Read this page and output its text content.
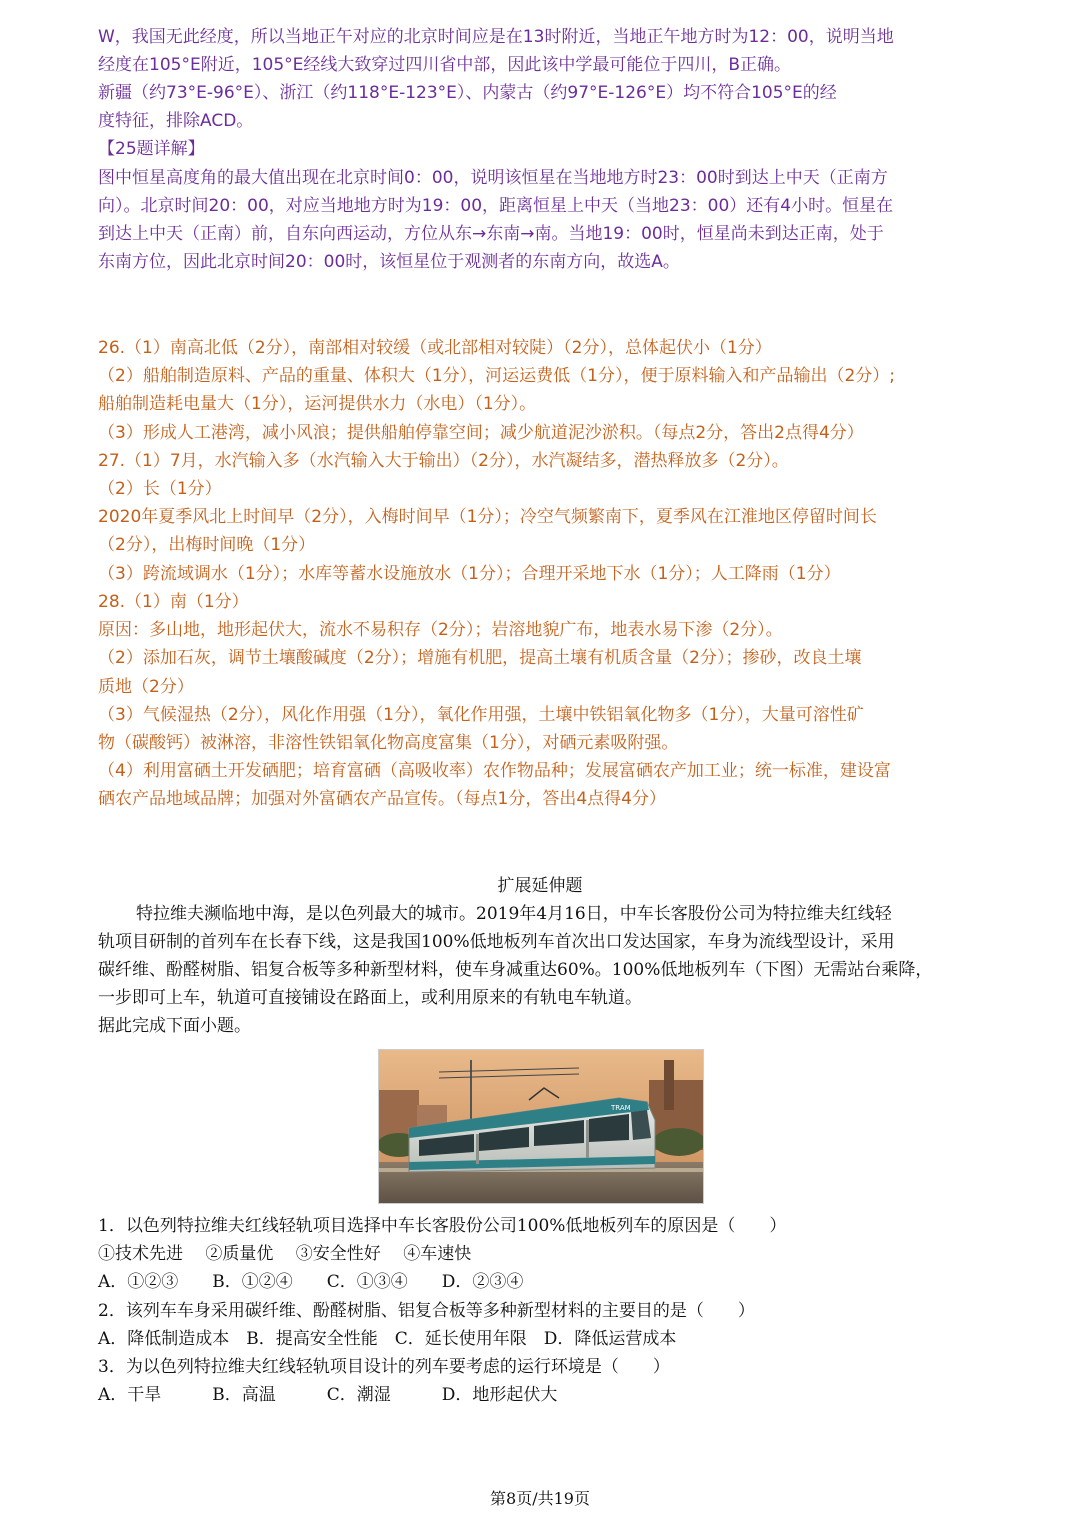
W，我国无此经度，所以当地正午对应的北京时间应是在13时附近，当地正午地方时为12：00，说明当地
经度在105°E附近，105°E经线大致穿过四川省中部，因此该中学最可能位于四川，B正确。
新疆（约73°E-96°E）、浙江（约118°E-123°E）、内蒙古（约97°E-126°E）均不符合105°E的经
度特征，排除ACD。
【25题详解】
图中恒星高度角的最大值出现在北京时间0：00，说明该恒星在当地地方时23：00时到达上中天（正南方
向）。北京时间20：00，对应当地地方时为19：00，距离恒星上中天（当地23：00）还有4小时。恒星在
到达上中天（正南）前，自东向西运动，方位从东→东南→南。当地19：00时，恒星尚未到达正南，处于
东南方位，因此北京时间20：00时，该恒星位于观测者的东南方向，故选A。
26.（1）南高北低（2分），南部相对较缓（或北部相对较陡）（2分），总体起伏小（1分）
（2）船舶制造原料、产品的重量、体积大（1分），河运运费低（1分），便于原料输入和产品输出（2分）;
船舶制造耗电量大（1分），运河提供水力（水电）（1分）。
（3）形成人工港湾，减小风浪；提供船舶停靠空间；减少航道泥沙淤积。（每点2分，答出2点得4分）
27.（1）7月，水汽输入多（水汽输入大于输出）（2分），水汽凝结多，潜热释放多（2分）。
（2）长（1分）
2020年夏季风北上时间早（2分），入梅时间早（1分）；冷空气频繁南下，夏季风在江淮地区停留时间长
（2分），出梅时间晚（1分）
（3）跨流域调水（1分）；水库等蓄水设施放水（1分）；合理开采地下水（1分）；人工降雨（1分）
28.（1）南（1分）
原因：多山地，地形起伏大，流水不易积存（2分）；岩溶地貌广布，地表水易下渗（2分）。
（2）添加石灰，调节土壤酸碱度（2分）；增施有机肥，提高土壤有机质含量（2分）；掺砂，改良土壤
质地（2分）
（3）气候湿热（2分），风化作用强（1分），氧化作用强，土壤中铁铝氧化物多（1分），大量可溶性矿
物（碳酸钙）被淋溶，非溶性铁铝氧化物高度富集（1分），对硒元素吸附强。
（4）利用富硒土开发硒肥；培育富硒（高吸收率）农作物品种；发展富硒农产加工业；统一标准，建设富
硒农产品地域品牌；加强对外富硒农产品宣传。（每点1分，答出4点得4分）
扩展延伸题
特拉维夫濒临地中海，是以色列最大的城市。2019年4月16日，中车长客股份公司为特拉维夫红线轻
轨项目研制的首列车在长春下线，这是我国100%低地板列车首次出口发达国家，车身为流线型设计，采用
碳纤维、酚醛树脂、铝复合板等多种新型材料，使车身减重达60%。100%低地板列车（下图）无需站台乘降，
一步即可上车，轨道可直接铺设在路面上，或利用原来的有轨电车轨道。
据此完成下面小题。
TRAM
1．以色列特拉维夫红线轻轨项目选择中车长客股份公司100%低地板列车的原因是（　　）
①技术先进　 ②质量优　 ③安全性好　 ④车速快
A．①②③　　B．①②④　　C．①③④　　D．②③④
2．该列车车身采用碳纤维、酚醛树脂、铝复合板等多种新型材料的主要目的是（　　）
A．降低制造成本　B．提高安全性能　C．延长使用年限　D．降低运营成本
3．为以色列特拉维夫红线轻轨项目设计的列车要考虑的运行环境是（　　）
A．干旱　　　B．高温　　　C．潮湿　　　D．地形起伏大
第8页/共19页
